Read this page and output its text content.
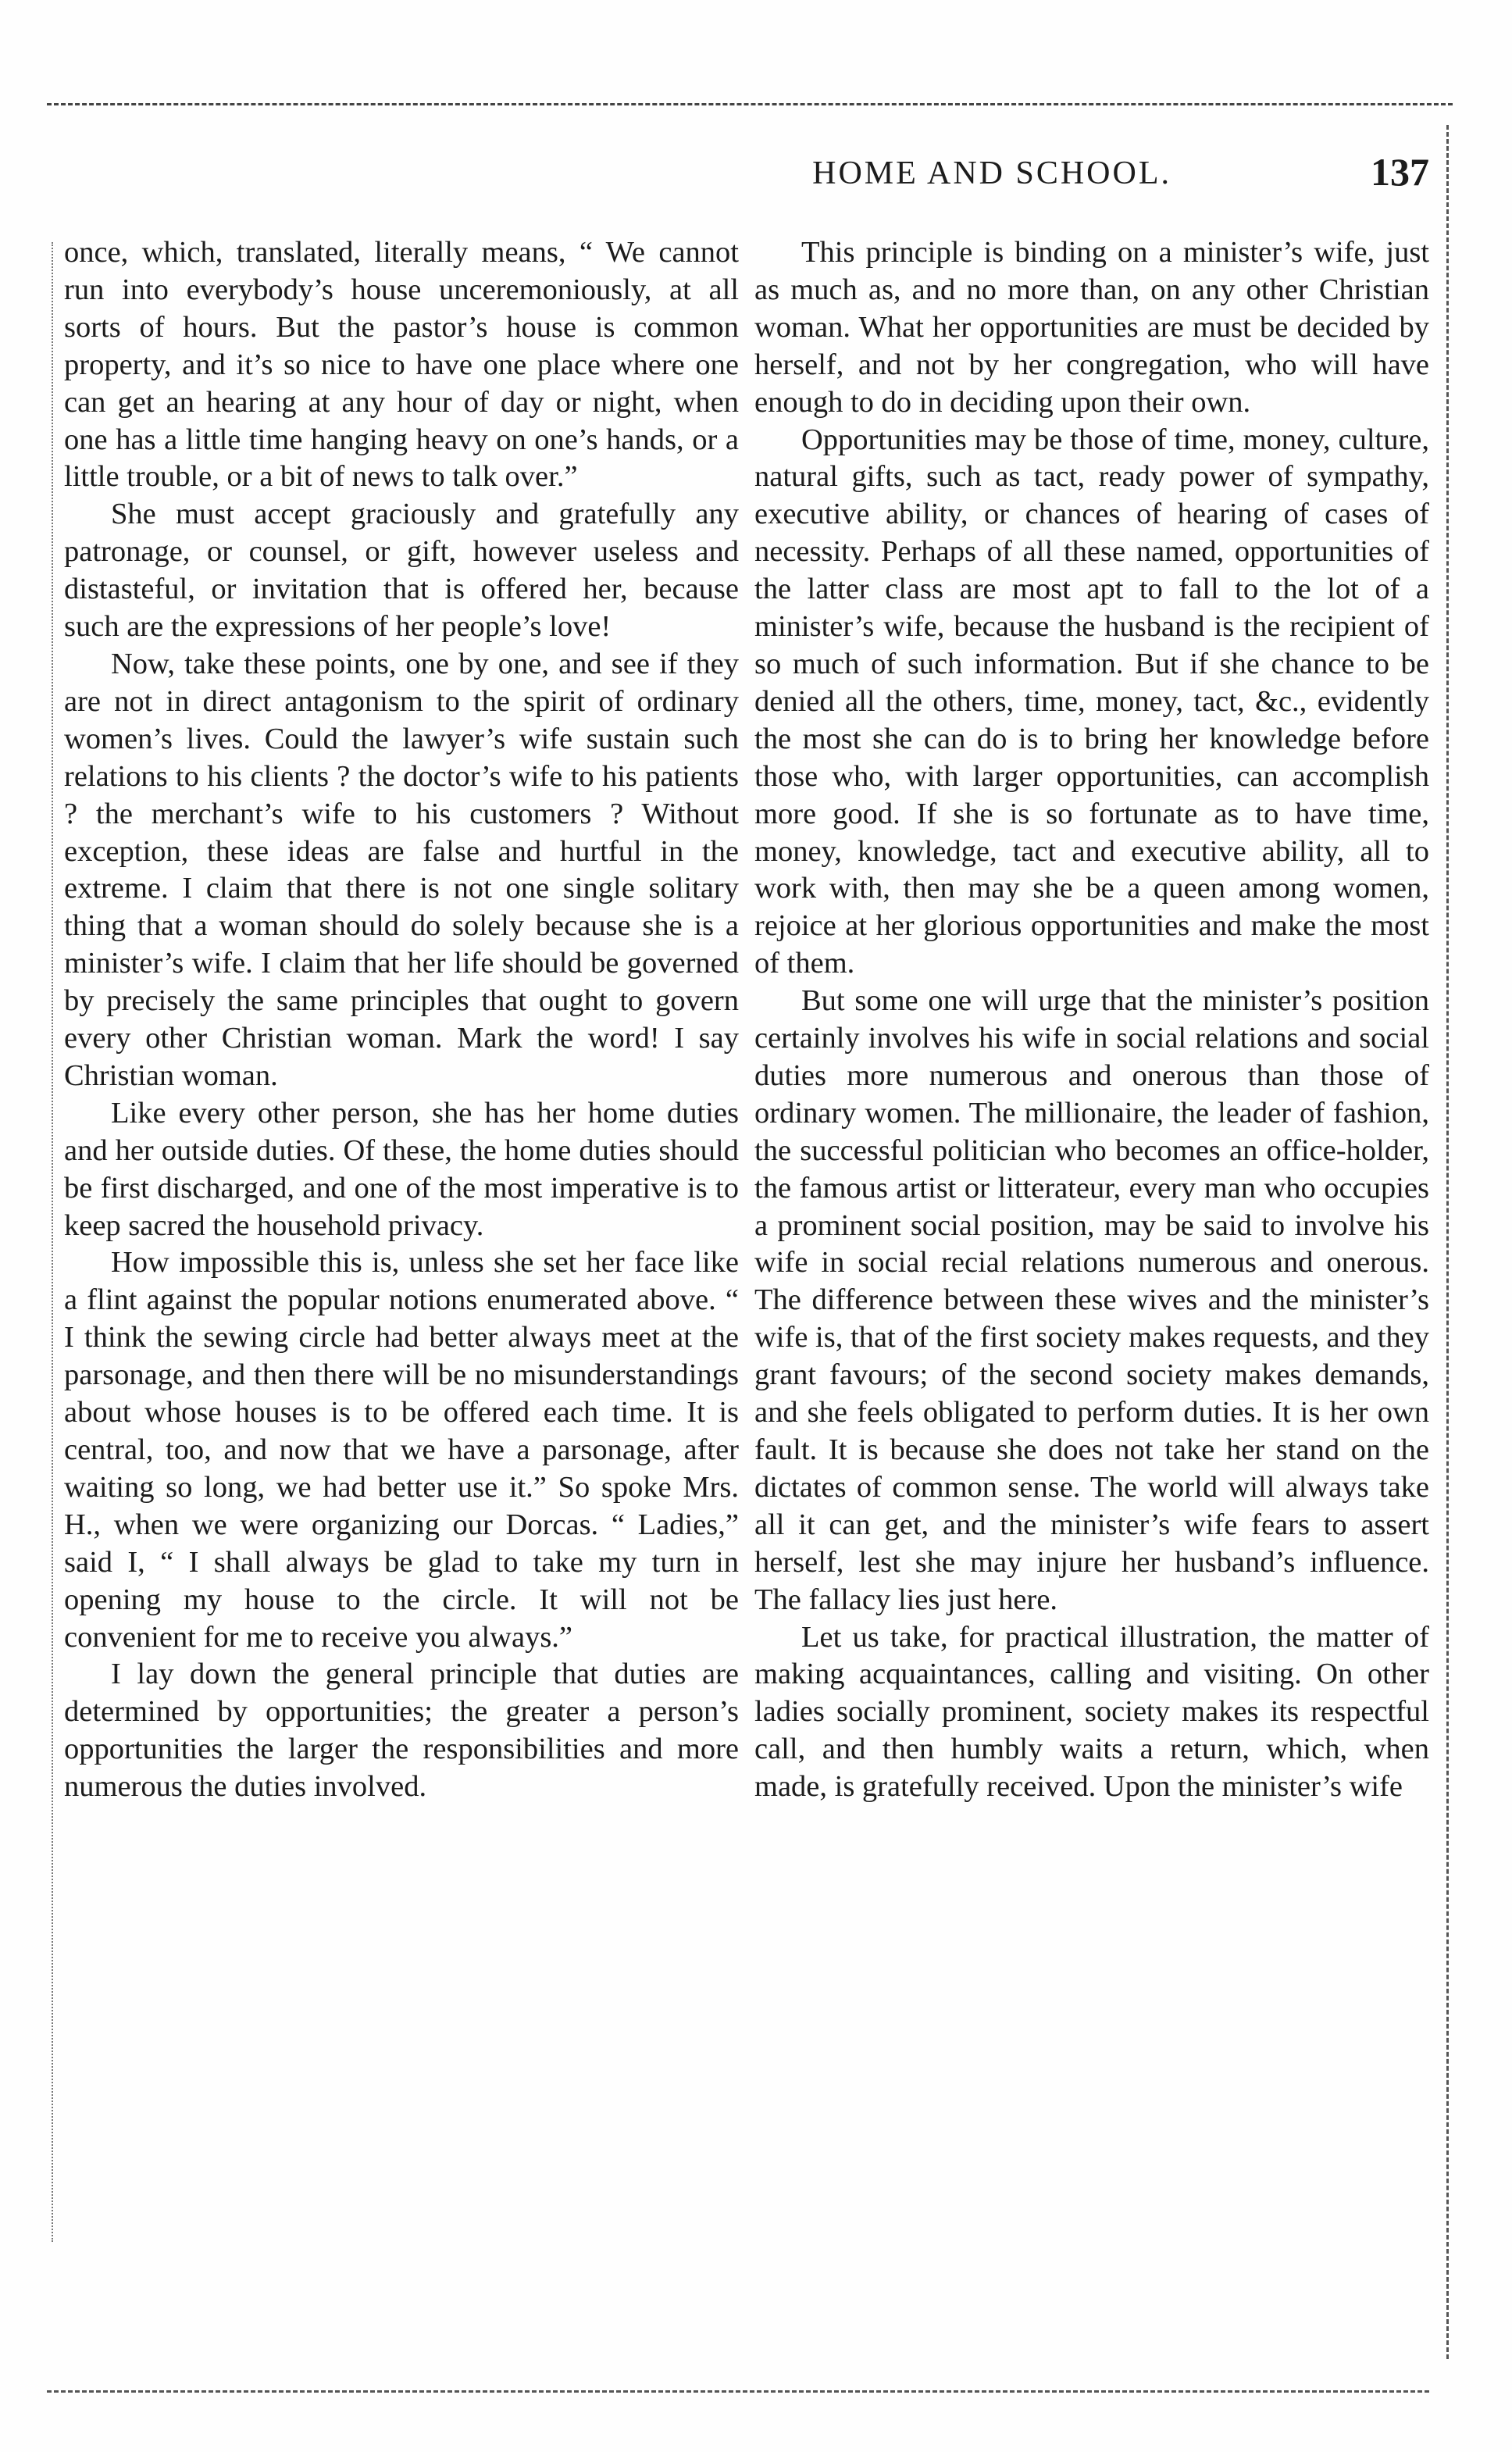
HOME AND SCHOOL.	137

once, which, translated, literally means, “ We cannot run into everybody’s house unceremoniously, at all sorts of hours. But the pastor’s house is common property, and it’s so nice to have one place where one can get an hearing at any hour of day or night, when one has a little time hanging heavy on one’s hands, or a little trouble, or a bit of news to talk over.”

She must accept graciously and gratefully any patronage, or counsel, or gift, however useless and distasteful, or invitation that is offered her, because such are the expressions of her people’s love!

Now, take these points, one by one, and see if they are not in direct antagonism to the spirit of ordinary women’s lives. Could the lawyer’s wife sustain such relations to his clients ? the doctor’s wife to his patients ? the merchant’s wife to his customers ? Without exception, these ideas are false and hurtful in the extreme. I claim that there is not one single solitary thing that a woman should do solely because she is a minister’s wife. I claim that her life should be governed by precisely the same principles that ought to govern every other Christian woman. Mark the word! I say Christian woman.

Like every other person, she has her home duties and her outside duties. Of these, the home duties should be first discharged, and one of the most imperative is to keep sacred the household privacy.

How impossible this is, unless she set her face like a flint against the popular notions enumerated above. “ I think the sewing circle had better always meet at the parsonage, and then there will be no misunderstandings about whose houses is to be offered each time. It is central, too, and now that we have a parsonage, after waiting so long, we had better use it.” So spoke Mrs. H., when we were organizing our Dorcas. “ Ladies,” said I, “ I shall always be glad to take my turn in opening my house to the circle. It will not be convenient for me to receive you always.”

I lay down the general principle that duties are determined by opportunities; the greater a person’s opportunities the larger the responsibilities and more numerous the duties involved.

This principle is binding on a minister’s wife, just as much as, and no more than, on any other Christian woman. What her opportunities are must be decided by herself, and not by her congregation, who will have enough to do in deciding upon their own.

Opportunities may be those of time, money, culture, natural gifts, such as tact, ready power of sympathy, executive ability, or chances of hearing of cases of necessity. Perhaps of all these named, opportunities of the latter class are most apt to fall to the lot of a minister’s wife, because the husband is the recipient of so much of such information. But if she chance to be denied all the others, time, money, tact, &c., evidently the most she can do is to bring her knowledge before those who, with larger opportunities, can accomplish more good. If she is so fortunate as to have time, money, knowledge, tact and executive ability, all to work with, then may she be a queen among women, rejoice at her glorious opportunities and make the most of them.

But some one will urge that the minister’s position certainly involves his wife in social relations and social duties more numerous and onerous than those of ordinary women. The millionaire, the leader of fashion, the successful politician who becomes an office-holder, the famous artist or litterateur, every man who occupies a prominent social position, may be said to involve his wife in social recial relations numerous and onerous. The difference between these wives and the minister’s wife is, that of the first society makes requests, and they grant favours; of the second society makes demands, and she feels obligated to perform duties. It is her own fault. It is because she does not take her stand on the dictates of common sense. The world will always take all it can get, and the minister’s wife fears to assert herself, lest she may injure her husband’s influence. The fallacy lies just here.

Let us take, for practical illustration, the matter of making acquaintances, calling and visiting. On other ladies socially prominent, society makes its respectful call, and then humbly waits a return, which, when made, is gratefully received. Upon the minister’s wife
